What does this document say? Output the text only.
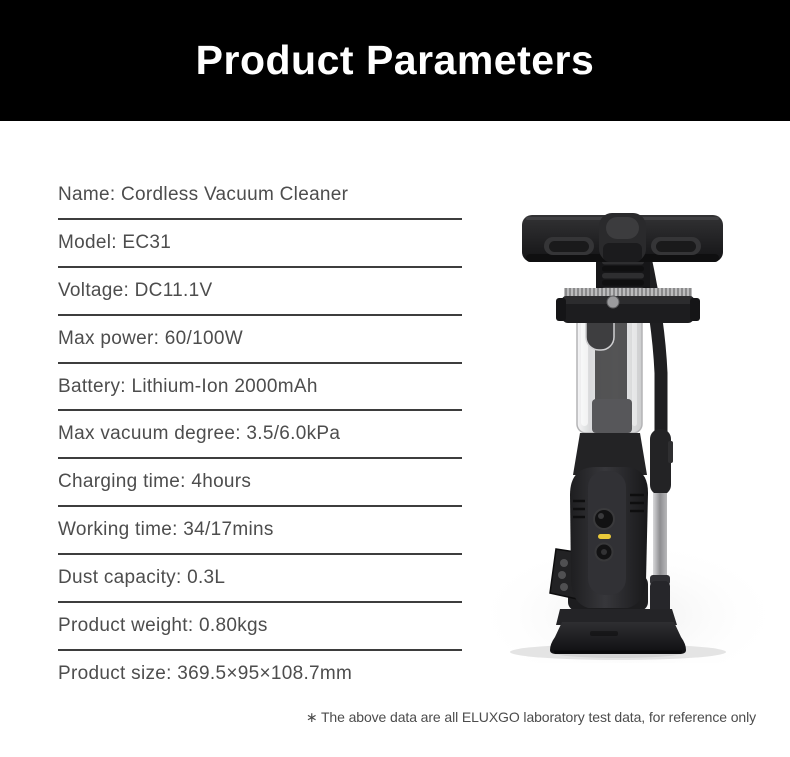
Product Parameters
Name: Cordless Vacuum Cleaner
Model: EC31
Voltage: DC11.1V
Max power: 60/100W
Battery: Lithium-Ion 2000mAh
Max vacuum degree: 3.5/6.0kPa
Charging time: 4hours
Working time: 34/17mins
Dust capacity: 0.3L
Product weight: 0.80kgs
Product size: 369.5×95×108.7mm
∗ The above data are all ELUXGO laboratory test data, for reference only
